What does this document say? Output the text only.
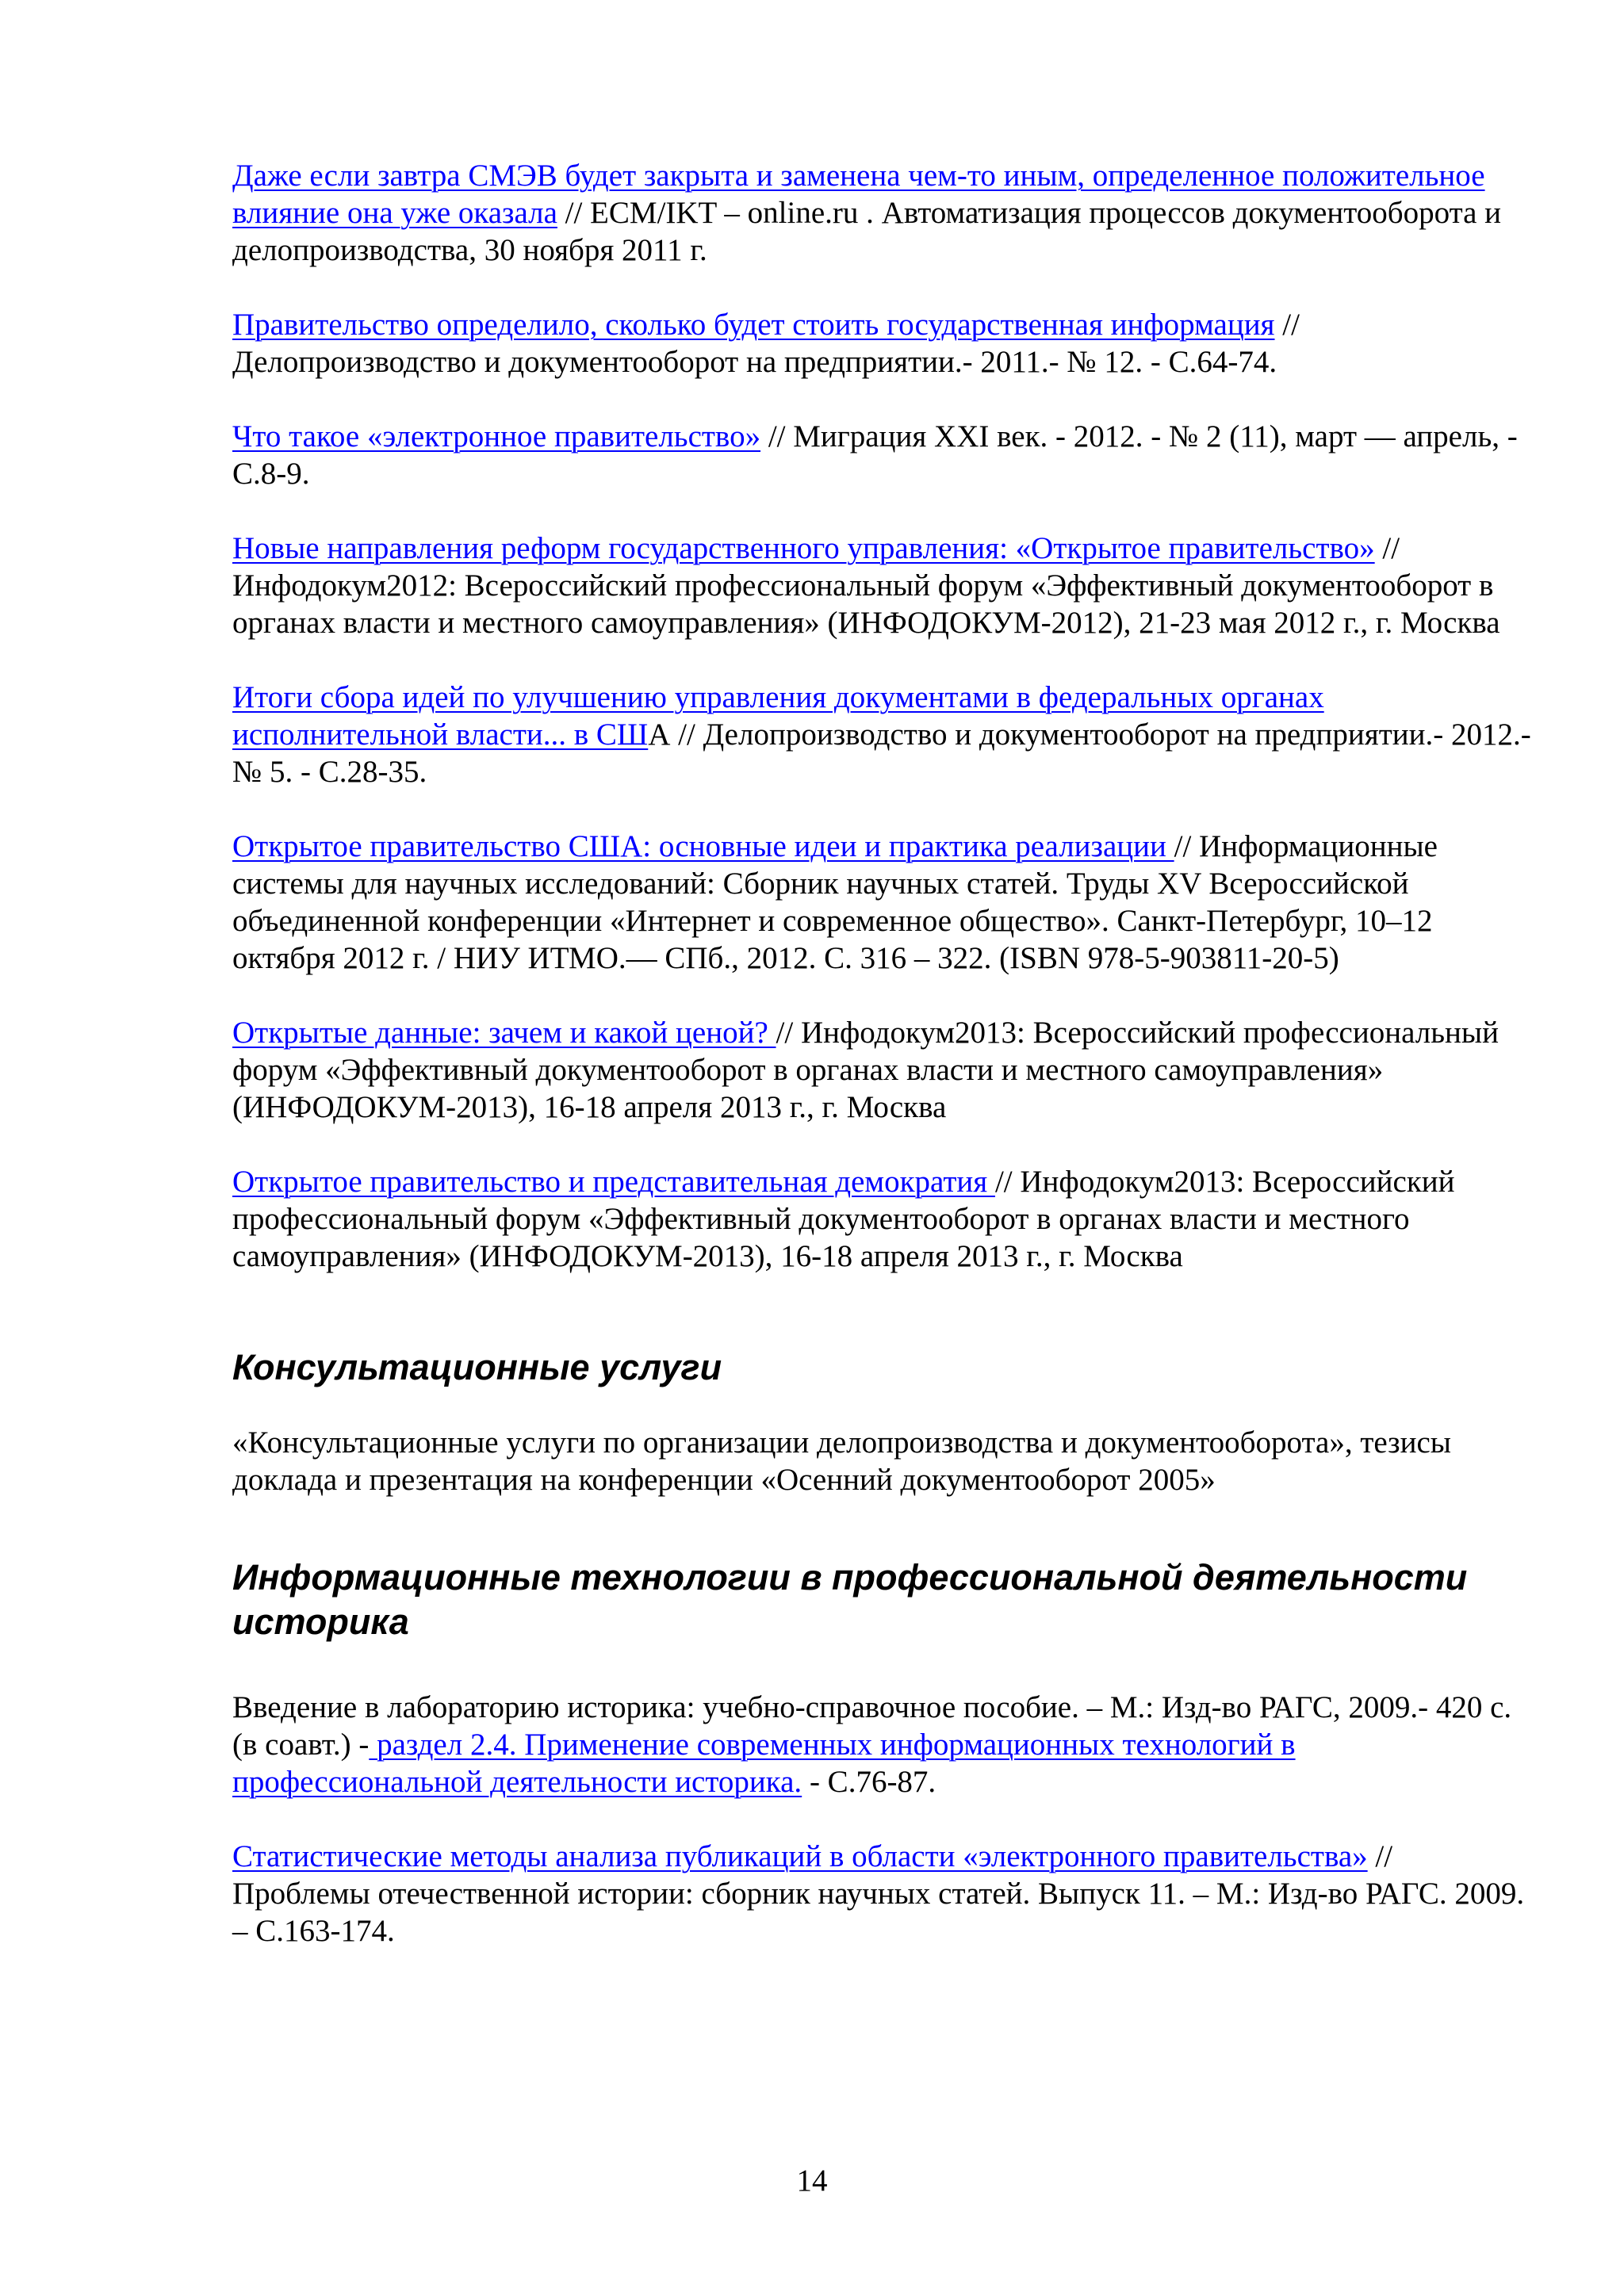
Даже если завтра СМЭВ будет закрыта и заменена чем-то иным, определенное положительное влияние она уже оказала // ECM/IKT – online.ru . Автоматизация процессов документооборота и делопроизводства, 30 ноября 2011 г.

Правительство определило, сколько будет стоить государственная информация // Делопроизводство и документооборот на предприятии.- 2011.- № 12. - С.64-74.

Что такое «электронное правительство» // Миграция XXI век. - 2012. - № 2 (11), март — апрель, - С.8-9.

Новые направления реформ государственного управления: «Открытое правительство» // Инфодокум2012: Всероссийский профессиональный форум «Эффективный документооборот в органах власти и местного самоуправления» (ИНФОДОКУМ-2012), 21-23 мая 2012 г., г. Москва

Итоги сбора идей по улучшению управления документами в федеральных органах исполнительной власти... в США // Делопроизводство и документооборот на предприятии.- 2012.- № 5. - С.28-35.

Открытое правительство США: основные идеи и практика реализации // Информационные системы для научных исследований: Сборник научных статей. Труды XV Всероссийской объединенной конференции «Интернет и современное общество». Санкт-Петербург, 10–12 октября 2012 г. / НИУ ИТМО.— СПб., 2012. С. 316 – 322. (ISBN 978-5-903811-20-5)

Открытые данные: зачем и какой ценой? // Инфодокум2013: Всероссийский профессиональный форум «Эффективный документооборот в органах власти и местного самоуправления» (ИНФОДОКУМ-2013), 16-18 апреля 2013 г., г. Москва

Открытое правительство и представительная демократия // Инфодокум2013: Всероссийский профессиональный форум «Эффективный документооборот в органах власти и местного самоуправления» (ИНФОДОКУМ-2013), 16-18 апреля 2013 г., г. Москва

Консультационные услуги

«Консультационные услуги по организации делопроизводства и документооборота», тезисы доклада и презентация на конференции «Осенний документооборот 2005»

Информационные технологии в профессиональной деятельности историка

Введение в лабораторию историка: учебно-справочное пособие. – М.: Изд-во РАГС, 2009.- 420 с. (в соавт.) - раздел 2.4. Применение современных информационных технологий в профессиональной деятельности историка. - С.76-87.

Статистические методы анализа публикаций в области «электронного правительства» // Проблемы отечественной истории: сборник научных статей. Выпуск 11. – М.: Изд-во РАГС. 2009. – С.163-174.

14
